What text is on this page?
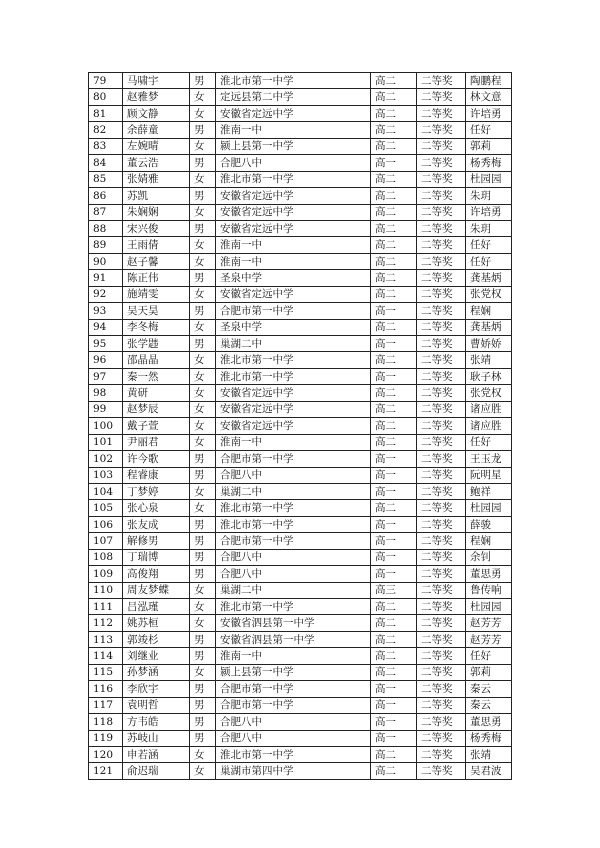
79	马啸宇	男	淮北市第一中学	高二	二等奖	陶鹏程
80	赵雅梦	女	定远县第二中学	高二	二等奖	林文意
81	顾文静	女	安徽省定远中学	高二	二等奖	许培勇
82	余薛童	男	淮南一中	高二	二等奖	任好
83	左婉晴	女	颍上县第一中学	高二	二等奖	郭莉
84	董云浩	男	合肥八中	高一	二等奖	杨秀梅
85	张婧雅	女	淮北市第一中学	高二	二等奖	杜园园
86	苏凯	男	安徽省定远中学	高二	二等奖	朱玥
87	朱娴娴	女	安徽省定远中学	高二	二等奖	许培勇
88	宋兴俊	男	安徽省定远中学	高二	二等奖	朱玥
89	王雨倩	女	淮南一中	高二	二等奖	任好
90	赵子馨	女	淮南一中	高二	二等奖	任好
91	陈正伟	男	圣泉中学	高二	二等奖	龚基炳
92	施靖雯	女	安徽省定远中学	高二	二等奖	张党权
93	吴天昊	男	合肥市第一中学	高一	二等奖	程娴
94	李冬梅	女	圣泉中学	高二	二等奖	龚基炳
95	张学韪	男	巢湖二中	高一	二等奖	曹娇娇
96	邵晶晶	女	淮北市第一中学	高二	二等奖	张靖
97	秦一然	女	淮北市第一中学	高一	二等奖	耿子林
98	黄研	女	安徽省定远中学	高二	二等奖	张党权
99	赵梦辰	女	安徽省定远中学	高二	二等奖	诸应胜
100	戴子萱	女	安徽省定远中学	高二	二等奖	诸应胜
101	尹丽君	女	淮南一中	高二	二等奖	任好
102	许今歌	男	合肥市第一中学	高一	二等奖	王玉龙
103	程睿康	男	合肥八中	高一	二等奖	阮明星
104	丁梦婷	女	巢湖二中	高一	二等奖	鲍祥
105	张心泉	女	淮北市第一中学	高二	二等奖	杜园园
106	张友成	男	淮北市第一中学	高一	二等奖	薛骏
107	解修男	男	合肥市第一中学	高一	二等奖	程娴
108	丁瑞博	男	合肥八中	高一	二等奖	余钊
109	高俊翔	男	合肥八中	高一	二等奖	董思勇
110	周友梦蝶	女	巢湖二中	高三	二等奖	鲁传响
111	吕泓瑾	女	淮北市第一中学	高二	二等奖	杜园园
112	姚苏桓	女	安徽省泗县第一中学	高二	二等奖	赵芳芳
113	郭竣杉	男	安徽省泗县第一中学	高二	二等奖	赵芳芳
114	刘继业	男	淮南一中	高二	二等奖	任好
115	孙梦涵	女	颍上县第一中学	高二	二等奖	郭莉
116	李欣宇	男	合肥市第一中学	高一	二等奖	秦云
117	袁明哲	男	合肥市第一中学	高一	二等奖	秦云
118	方韦皓	男	合肥八中	高一	二等奖	董思勇
119	苏岐山	男	合肥八中	高一	二等奖	杨秀梅
120	申若涵	女	淮北市第一中学	高二	二等奖	张靖
121	俞迟瑞	女	巢湖市第四中学	高二	二等奖	吴君波
